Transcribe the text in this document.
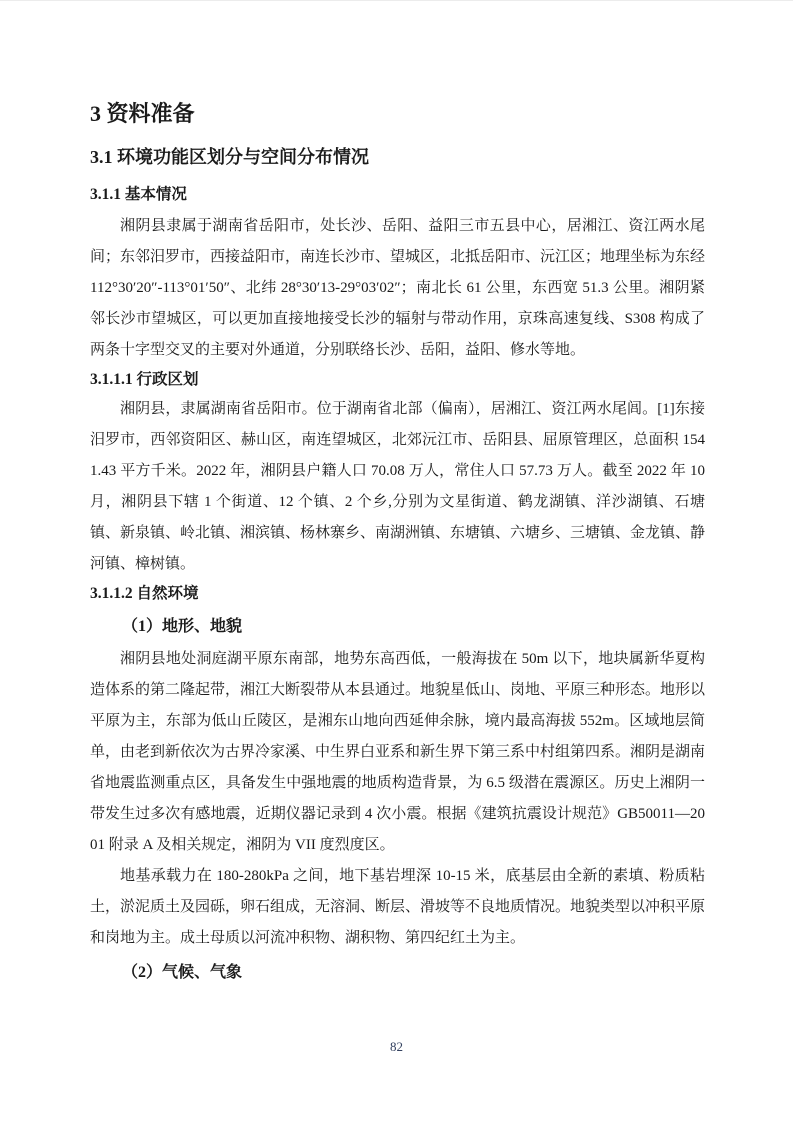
3 资料准备
3.1 环境功能区划分与空间分布情况
3.1.1 基本情况

湘阴县隶属于湖南省岳阳市，处长沙、岳阳、益阳三市五县中心，居湘江、资江两水尾间；东邻汨罗市，西接益阳市，南连长沙市、望城区，北抵岳阳市、沅江区；地理坐标为东经 112°30′20″-113°01′50″、北纬 28°30′13-29°03′02″；南北长 61 公里，东西宽 51.3 公里。湘阴紧邻长沙市望城区，可以更加直接地接受长沙的辐射与带动作用，京珠高速复线、S308 构成了两条十字型交叉的主要对外通道，分别联络长沙、岳阳，益阳、修水等地。

3.1.1.1 行政区划

湘阴县，隶属湖南省岳阳市。位于湖南省北部（偏南），居湘江、资江两水尾闾。[1]东接汨罗市，西邻资阳区、赫山区，南连望城区，北郊沅江市、岳阳县、屈原管理区，总面积 1541.43 平方千米。2022 年，湘阴县户籍人口 70.08 万人，常住人口 57.73 万人。截至 2022 年 10 月，湘阴县下辖 1 个街道、12 个镇、2 个乡,分别为文星街道、鹤龙湖镇、洋沙湖镇、石塘镇、新泉镇、岭北镇、湘滨镇、杨林寨乡、南湖洲镇、东塘镇、六塘乡、三塘镇、金龙镇、静河镇、樟树镇。

3.1.1.2 自然环境
（1）地形、地貌

湘阴县地处洞庭湖平原东南部，地势东高西低，一般海拔在 50m 以下，地块属新华夏构造体系的第二隆起带，湘江大断裂带从本县通过。地貌星低山、岗地、平原三种形态。地形以平原为主，东部为低山丘陵区，是湘东山地向西延伸余脉，境内最高海拔 552m。区域地层简单，由老到新依次为古界冷家溪、中生界白亚系和新生界下第三系中村组第四系。湘阴是湖南省地震监测重点区，具备发生中强地震的地质构造背景，为 6.5 级潜在震源区。历史上湘阴一带发生过多次有感地震，近期仪器记录到 4 次小震。根据《建筑抗震设计规范》GB50011—2001 附录 A 及相关规定，湘阴为 VII 度烈度区。

地基承载力在 180-280kPa 之间，地下基岩埋深 10-15 米，底基层由全新的素填、粉质粘土，淤泥质土及园砾，卵石组成，无溶洞、断层、滑坡等不良地质情况。地貌类型以冲积平原和岗地为主。成土母质以河流冲积物、湖积物、第四纪红土为主。

（2）气候、气象
82
